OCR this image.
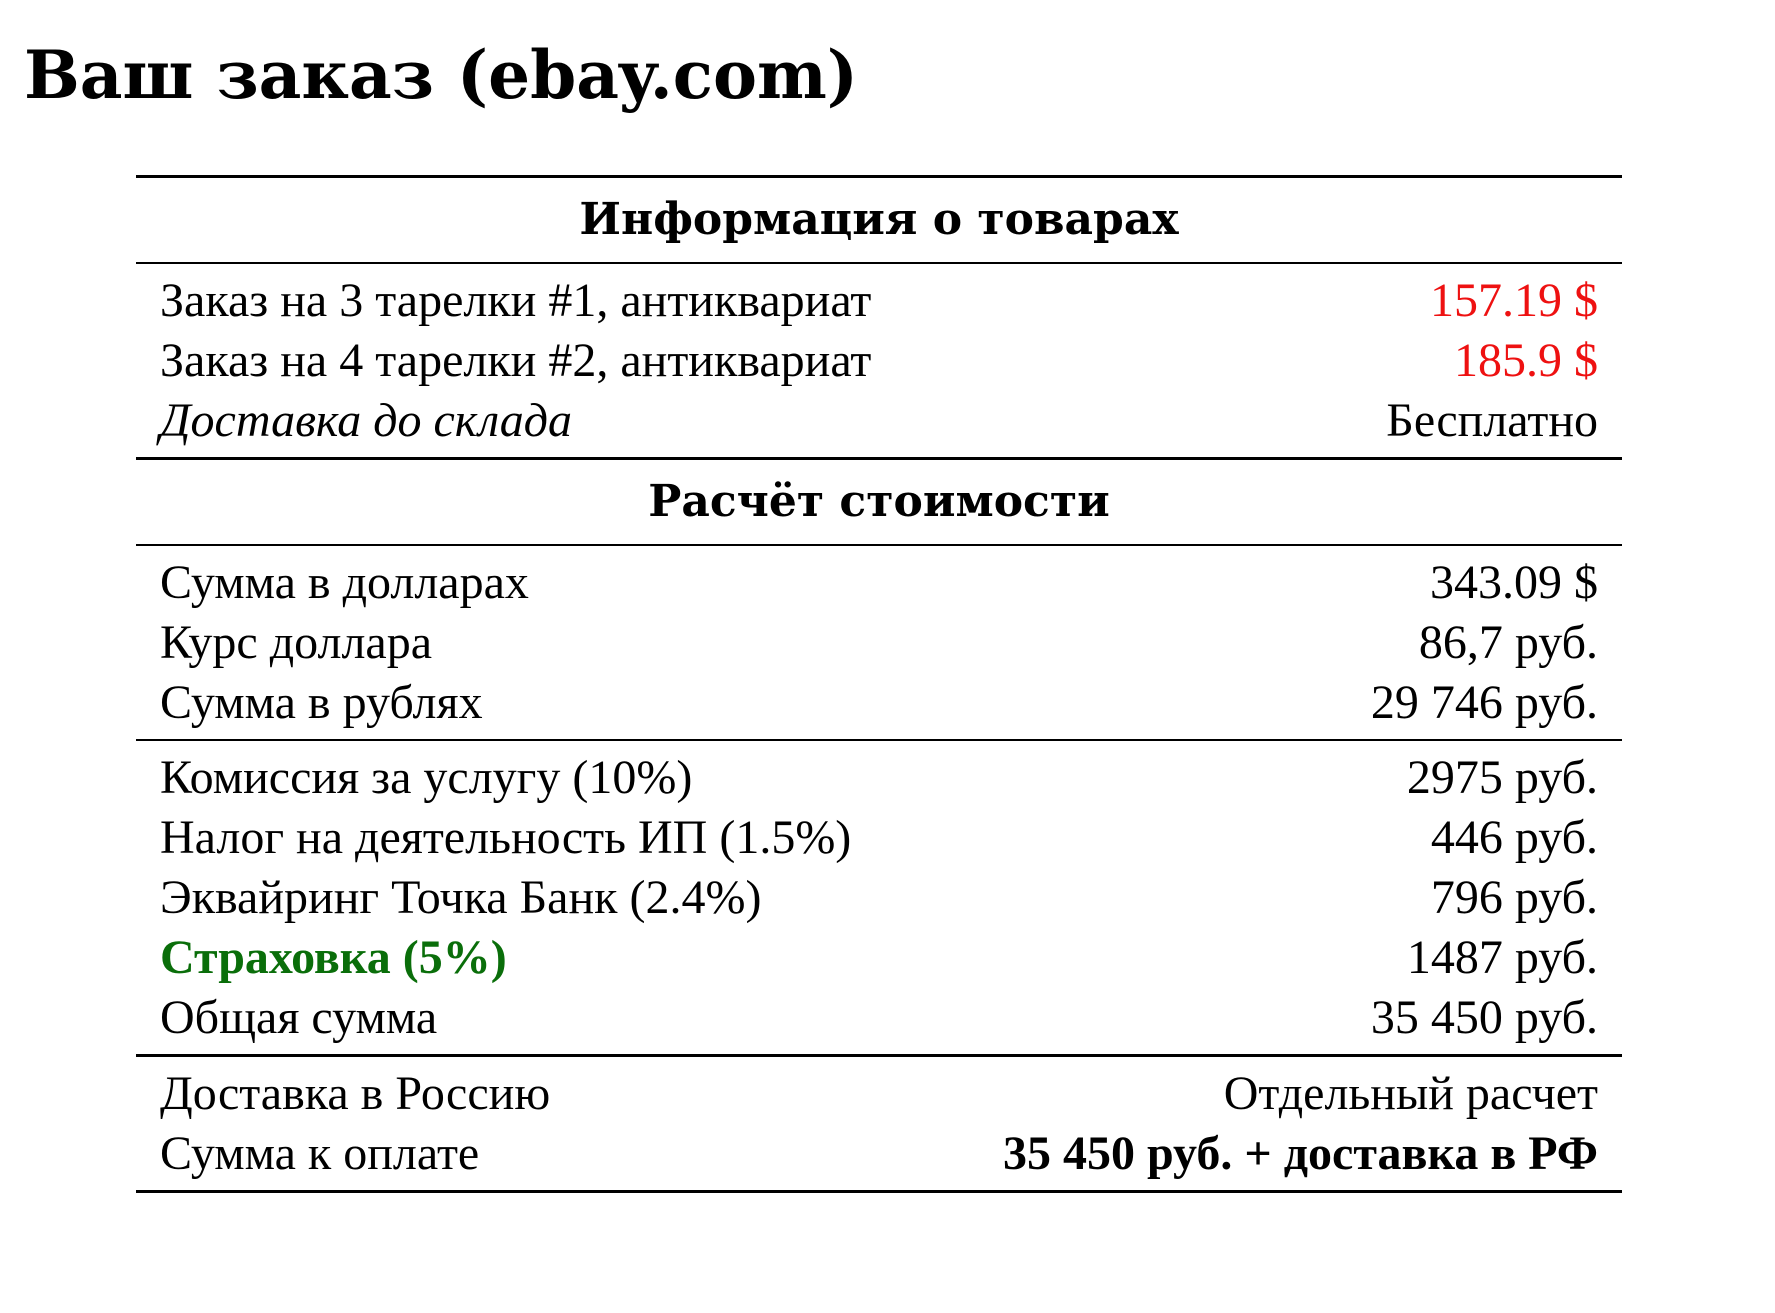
Ваш заказ (ebay.com)
Информация о товарах
Заказ на 3 тарелки #1, антиквариат	157.19 $
Заказ на 4 тарелки #2, антиквариат	185.9 $
Доставка до склада	Бесплатно
Расчёт стоимости
Сумма в долларах	343.09 $
Курс доллара	86,7 руб.
Сумма в рублях	29 746 руб.
Комиссия за услугу (10%)	2975 руб.
Налог на деятельность ИП (1.5%)	446 руб.
Эквайринг Точка Банк (2.4%)	796 руб.
Страховка (5%)	1487 руб.
Общая сумма	35 450 руб.
Доставка в Россию	Отдельный расчет
Сумма к оплате	35 450 руб. + доставка в РФ
